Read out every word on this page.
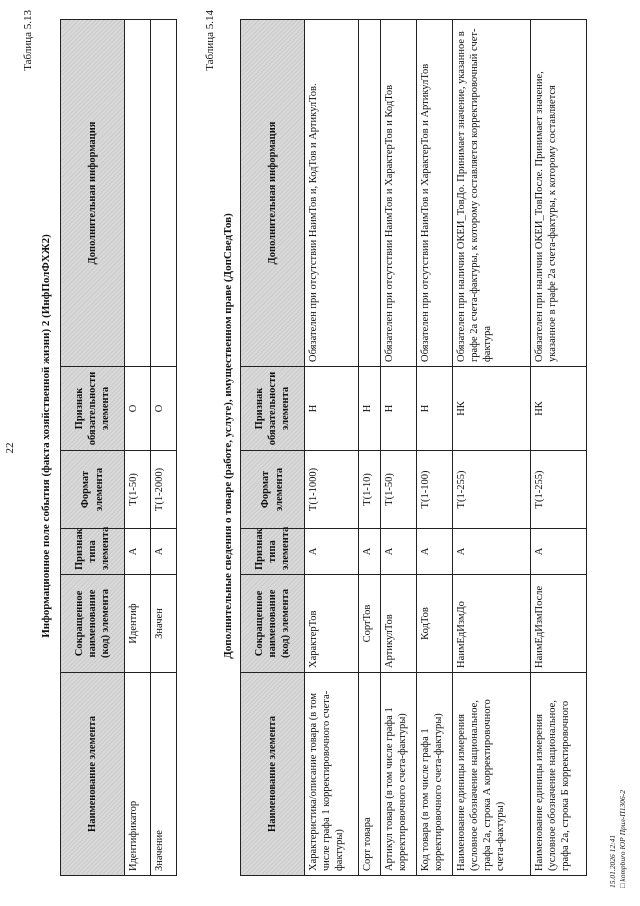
22
Таблица 5.13
Информационное поле события (факта хозяйственной жизни) 2 (ИнфПолФХЖ2)
Наименование элемента	Сокращенное наименование (код) элемента	Признак типа элемента	Формат элемента	Признак обязательности элемента	Дополнительная информация
Идентификатор	Идентиф	А	T(1-50)	О	
Значение	Значен	А	T(1-2000)	О	
Таблица 5.14
Дополнительные сведения о товаре (работе, услуге), имущественном праве (ДопСведТов)
Наименование элемента	Сокращенное наименование (код) элемента	Признак типа элемента	Формат элемента	Признак обязательности элемента	Дополнительная информация
Характеристика/описание товара (в том числе графа 1 корректировочного счета-фактуры)	ХарактерТов	А	T(1-1000)	Н	Обязателен при отсутствии НаимТов и, КодТов и АртикулТов.
Сорт товара	СортТов	А	T(1-10)	Н	
Артикул товара (в том числе графа 1 корректировочного счета-фактуры)	АртикулТов	А	T(1-50)	Н	Обязателен при отсутствии НаимТов и ХарактерТов и КодТов
Код товара (в том числе графа 1 корректировочного счета-фактуры)	КодТов	А	T(1-100)	Н	Обязателен при отсутствии НаимТов и ХарактерТов и АртикулТов
Наименование единицы измерения (условное обозначение национальное, графа 2а, строка А корректировочного счета-фактуры)	НаимЕдИзмДо	А	T(1-255)	НК	Обязателен при наличии ОКЕИ_ТовДо. Принимает значение, указанное в графе 2а счета-фактуры, к которому составляется корректировочный счет-фактура
Наименование единицы измерения (условное обозначение национальное, графа 2а, строка Б корректировочного	НаимЕдИзмПосле	А	T(1-255)	НК	Обязателен при наличии ОКЕИ_ТовПосле. Принимает значение, указанное в графе 2а счета-фактуры, к которому составляется
15.01.2026 12:41 □ kompburo ЮР Прил-П1306-2
